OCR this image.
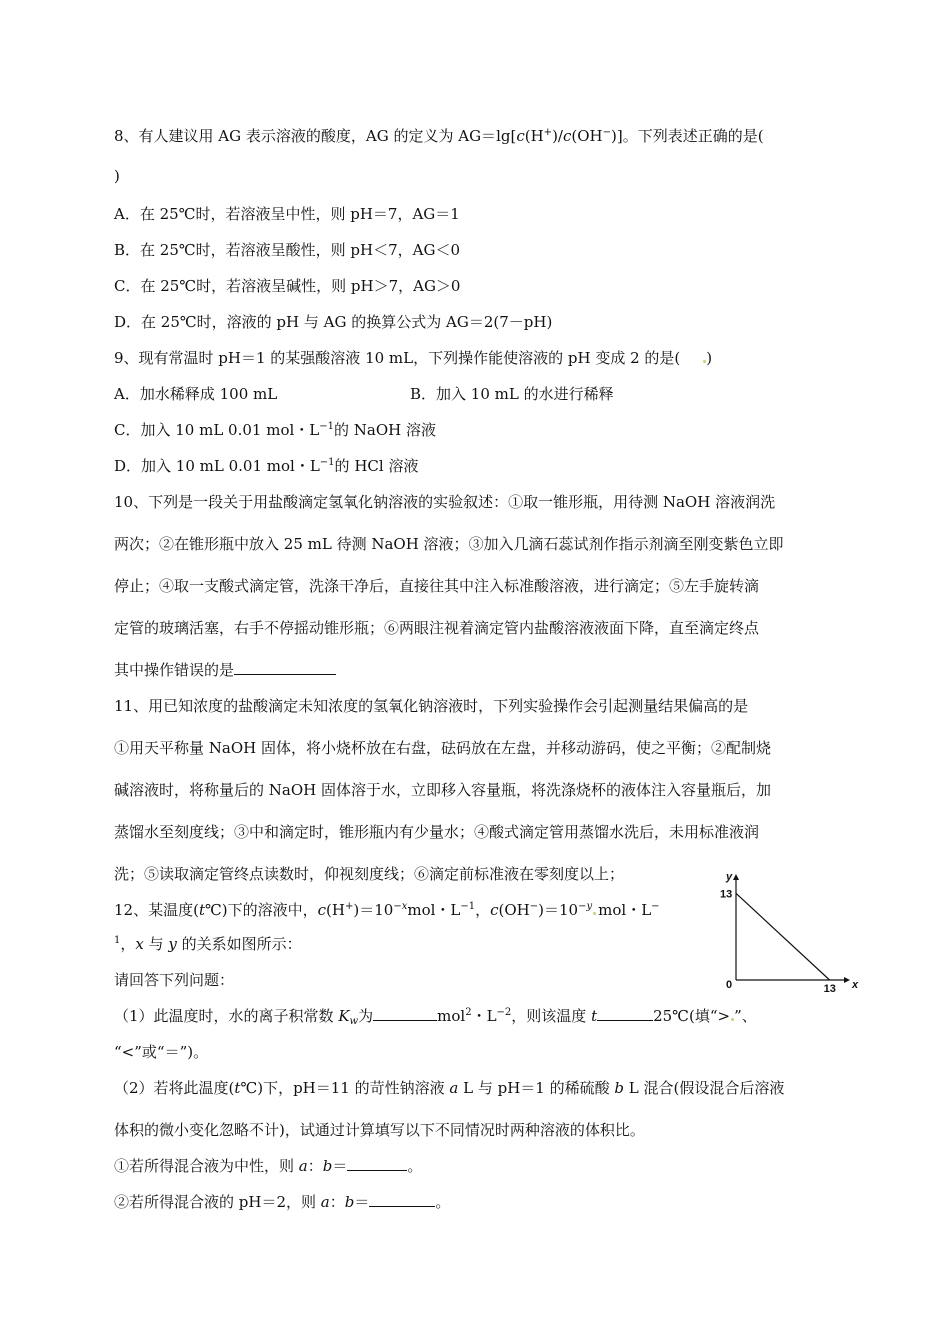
8、有人建议用 AG 表示溶液的酸度，AG 的定义为 AG＝lg[c(H+)/c(OH−)]。下列表述正确的是(
)
A．在 25℃时，若溶液呈中性，则 pH＝7，AG＝1
B．在 25℃时，若溶液呈酸性，则 pH＜7，AG＜0
C．在 25℃时，若溶液呈碱性，则 pH＞7，AG＞0
D．在 25℃时，溶液的 pH 与 AG 的换算公式为 AG＝2(7－pH)
9、现有常温时 pH＝1 的某强酸溶液 10 mL，下列操作能使溶液的 pH 变成 2 的是( )
A．加水稀释成 100 mL	B．加入 10 mL 的水进行稀释
C．加入 10 mL 0.01 mol・$L^{-1}$的 NaOH 溶液
D．加入 10 mL 0.01 mol・$L^{-1}$的 HCl 溶液
10、下列是一段关于用盐酸滴定氢氧化钠溶液的实验叙述：①取一锥形瓶，用待测 NaOH 溶液润洗
两次；②在锥形瓶中放入 25 mL 待测 NaOH 溶液；③加入几滴石蕊试剂作指示剂滴至刚变紫色立即
停止；④取一支酸式滴定管，洗涤干净后，直接往其中注入标准酸溶液，进行滴定；⑤左手旋转滴
定管的玻璃活塞，右手不停摇动锥形瓶；⑥两眼注视着滴定管内盐酸溶液液面下降，直至滴定终点
其中操作错误的是
11、用已知浓度的盐酸滴定未知浓度的氢氧化钠溶液时，下列实验操作会引起测量结果偏高的是
①用天平称量 NaOH 固体，将小烧杯放在右盘，砝码放在左盘，并移动游码，使之平衡；②配制烧
碱溶液时，将称量后的 NaOH 固体溶于水，立即移入容量瓶，将洗涤烧杯的液体注入容量瓶后，加
蒸馏水至刻度线；③中和滴定时，锥形瓶内有少量水；④酸式滴定管用蒸馏水洗后，未用标准液润
洗；⑤读取滴定管终点读数时，仰视刻度线；⑥滴定前标准液在零刻度以上；
12、某温度(t℃)下的溶液中，$c(H^+)=10^{-x}mol$・$L^{-1}$，$c(OH^-)=10^{-y}$ mol・L−
$^1$，x 与 y 的关系如图所示：
请回答下列问题：
（1）此温度时，水的离子积常数 $K_w$为	mol$^2$・$L^{-2}$，则该温度 t	25℃(填“> ”、
“<”或“＝”)。
（2）若将此温度(t℃)下，pH＝11 的苛性钠溶液 a L 与 pH＝1 的稀硫酸 b L 混合(假设混合后溶液
体积的微小变化忽略不计)，试通过计算填写以下不同情况时两种溶液的体积比。
①若所得混合液为中性，则 a：b＝	。
②若所得混合液的 pH＝2，则 a：b＝	。
y
x
0
13
13
